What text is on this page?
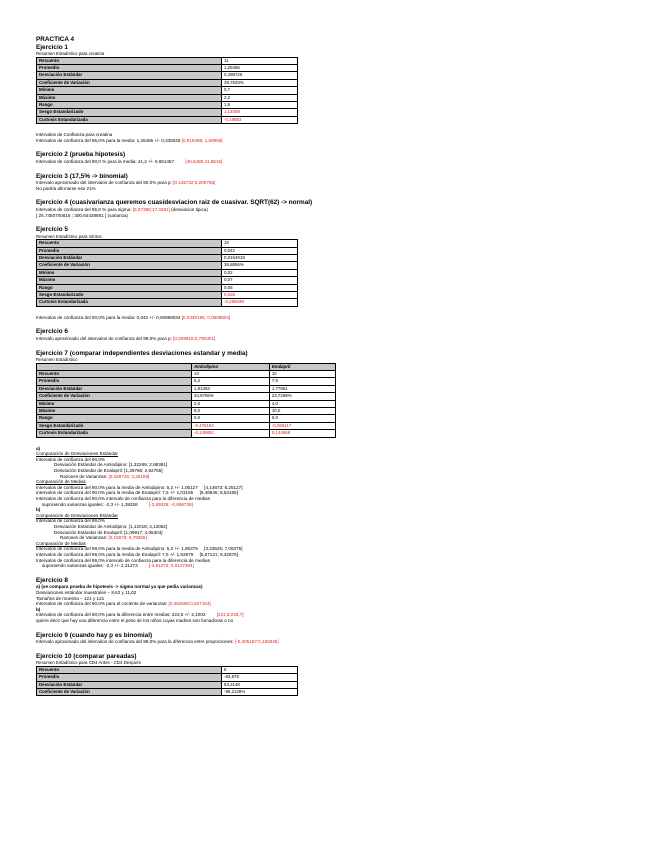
PRACTICA 4
Ejercicio 1
Resumen Estadístico para creatina
Recuento	11
Promedio	1,25455
Desviación Estándar	0,498726
Coeficiente de Variación	39,7533%
Mínimo	0,7
Máximo	2,2
Rango	1,5
Sesgo Estandarizado	1,14059
Curtosis Estandarizada	-0,18883
Intervalos de Confianza para creatina
Intervalos de confianza del 95,0% para la media: 1,25455 +/- 0,335049 [0,919496; 1,58959]
Ejercicio 2 (prueba hipotesis)
Intervalos de confianza del 90,0 % para la media: 41,2 +/- 0,651457 [40,5485;41,8515]
Ejercicio 3 (17,5% -> binomial)
Intervalo aproximado del intervalos de confianza del 90,0% para p: [0,145732;0,209785]
No podría afirmarse ese 21%
Ejercicio 4 (cuasivarianza queremos cuasidesviacion raiz de cuasivar. SQRT(62) -> normal)
Intervalos de confianza del 95,0 % para sigma: [5,07396;17,3391] (desviacion tipica)
[ 25,7450700816 ; 300,64438881 ] (varianza)
Ejercicio 5
Resumen Estadístico para nitritos
Recuento	10
Promedio	0,042
Desviación Estándar	0,0154919
Coeficiente de Variación	36,8856%
Mínimo	0,02
Máximo	0,07
Rango	0,05
Sesgo Estandarizado	0,625
Curtosis Estandarizada	-0,295639
Intervalos de confianza del 90,0% para la media: 0,042 +/- 0,00898034 [0,0330196; 0,0509804]
Ejercicio 6
Intervalo aproximado del intervalos de confianza del 99,0% para p: [0,609916;0,780301]
Ejercicio 7 (comparar independientes desviaciones estandar y media)
Resumen Estadístico
	Amlodipino	Enalapril
Recuento	10	10
Promedio	5,2	7,5
Desviación Estándar	1,81353	1,77951
Coeficiente de Variación	34,8756%	23,7268%
Mínimo	2,0	4,0
Máximo	8,0	10,0
Rango	6,0	6,0
Sesgo Estandarizado	-0,476182	-0,059117
Curtosis Estandarizada	-0,149852	0,144968
a)
Comparación de Desviaciones Estándar
Intervalos de confianza del 90,0%
Desviación Estándar de Amlodipino: [1,32269; 2,98361]
Desviación Estándar de Enalapril: [1,29786; 2,92765]
Razones de Varianzas: [0,328716; 3,30159]
Comparación de Medias
Intervalos de confianza del 90,0% para la media de Amlodipino: 5,2 +/- 1,05127     [4,14873; 6,25127]
Intervalos de confianza del 90,0% para la media de Enalapril: 7,5 +/- 1,03155     [6,46845; 8,53155]
Intervalos de confianza del 90,0% intervalo de confianza para la diferencia de medias
suponiendo varianzas iguales: -2,3 +/- 1,39326 [-3,69326; -0,906738]
b)
Comparación de Desviaciones Estándar
Intervalos de confianza del 99,0%
Desviación Estándar de Amlodipino: [1,12018; 4,13052]
Desviación Estándar de Enalapril: [1,09917; 4,05304]
Razones de Varianzas: [0,15878; 6,79355]
Comparación de Medias
Intervalos de confianza del 99,0% para la media de Amlodipino: 5,2 +/- 1,86375     [3,33625; 7,06375]
Intervalos de confianza del 99,0% para la media de Enalapril: 7,5 +/- 1,82879     [5,67121; 9,32879]
Intervalos de confianza del 99,0% intervalo de confianza para la diferencia de medias
suponiendo varianzas iguales: -2,3 +/- 2,31273 [-4,61273; 0,0127304]
Ejercicio 8
a) (se compara prueba de hipotesis -> sigma normal ya que pedia varianzas)
Desviaciones estándar muestrales – 8,62 y 11,02
Tamaños de muestra – 121 y 121
Intervalos de confianza del 90,0% para el cociente de varianzas: [0,452596;0,827164]
b)
Intervalos de confianza del 90,0% para la diferencia entre medias: 223,6 +/- 2,1002 [221,5;225,7]
quiere decir que hay una diferencia entre el peso de los niños cuyas madres son fumadoras o no
Ejercicio 9 (cuando hay p es binomial)
Intervalo aproximado del intervalos de confianza del 99,0% para la diferencia entre proporciones: [-0,405157;0,182935]
Ejercicio 10 (comparar pareadas)
Resumen Estadístico para CD4 Antes - CD4 Después
Recuento	8
Promedio	-83,875
Desviación Estándar	83,2148
Coeficiente de Variación	-99,2128%
